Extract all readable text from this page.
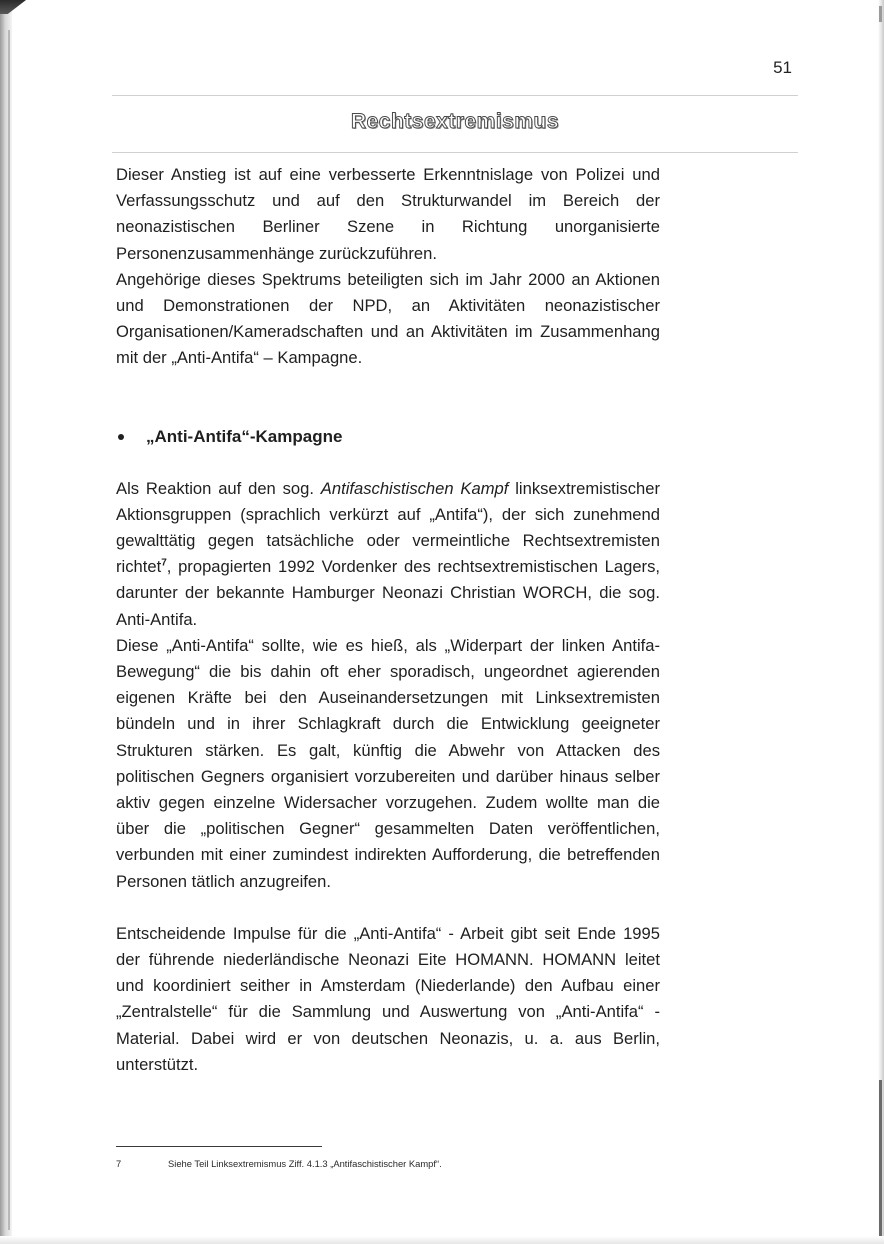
51
Rechtsextremismus

Dieser Anstieg ist auf eine verbesserte Erkenntnislage von Polizei und Verfassungsschutz und auf den Strukturwandel im Bereich der neonazistischen Berliner Szene in Richtung unorganisierte Personenzusammenhänge zurückzuführen.

Angehörige dieses Spektrums beteiligten sich im Jahr 2000 an Aktionen und Demonstrationen der NPD, an Aktivitäten neonazistischer Organisationen/Kameradschaften und an Aktivitäten im Zusammenhang mit der „Anti-Antifa“ – Kampagne.

„Anti-Antifa“-Kampagne

Als Reaktion auf den sog. Antifaschistischen Kampf linksextremistischer Aktionsgruppen (sprachlich verkürzt auf „Antifa“), der sich zunehmend gewalttätig gegen tatsächliche oder vermeintliche Rechtsextremisten richtet$^7$, propagierten 1992 Vordenker des rechtsextremistischen Lagers, darunter der bekannte Hamburger Neonazi Christian WORCH, die sog. Anti-Antifa.

Diese „Anti-Antifa“ sollte, wie es hieß, als „Widerpart der linken Antifa-Bewegung“ die bis dahin oft eher sporadisch, ungeordnet agierenden eigenen Kräfte bei den Auseinandersetzungen mit Linksextremisten bündeln und in ihrer Schlagkraft durch die Entwicklung geeigneter Strukturen stärken. Es galt, künftig die Abwehr von Attacken des politischen Gegners organisiert vorzubereiten und darüber hinaus selber aktiv gegen einzelne Widersacher vorzugehen. Zudem wollte man die über die „politischen Gegner“ gesammelten Daten veröffentlichen, verbunden mit einer zumindest indirekten Aufforderung, die betreffenden Personen tätlich anzugreifen.

Entscheidende Impulse für die „Anti-Antifa“ - Arbeit gibt seit Ende 1995 der führende niederländische Neonazi Eite HOMANN. HOMANN leitet und koordiniert seither in Amsterdam (Niederlande) den Aufbau einer „Zentralstelle“ für die Sammlung und Auswertung von „Anti-Antifa“ - Material. Dabei wird er von deutschen Neonazis, u. a. aus Berlin, unterstützt.

7	Siehe Teil Linksextremismus Ziff. 4.1.3 „Antifaschistischer Kampf“.
